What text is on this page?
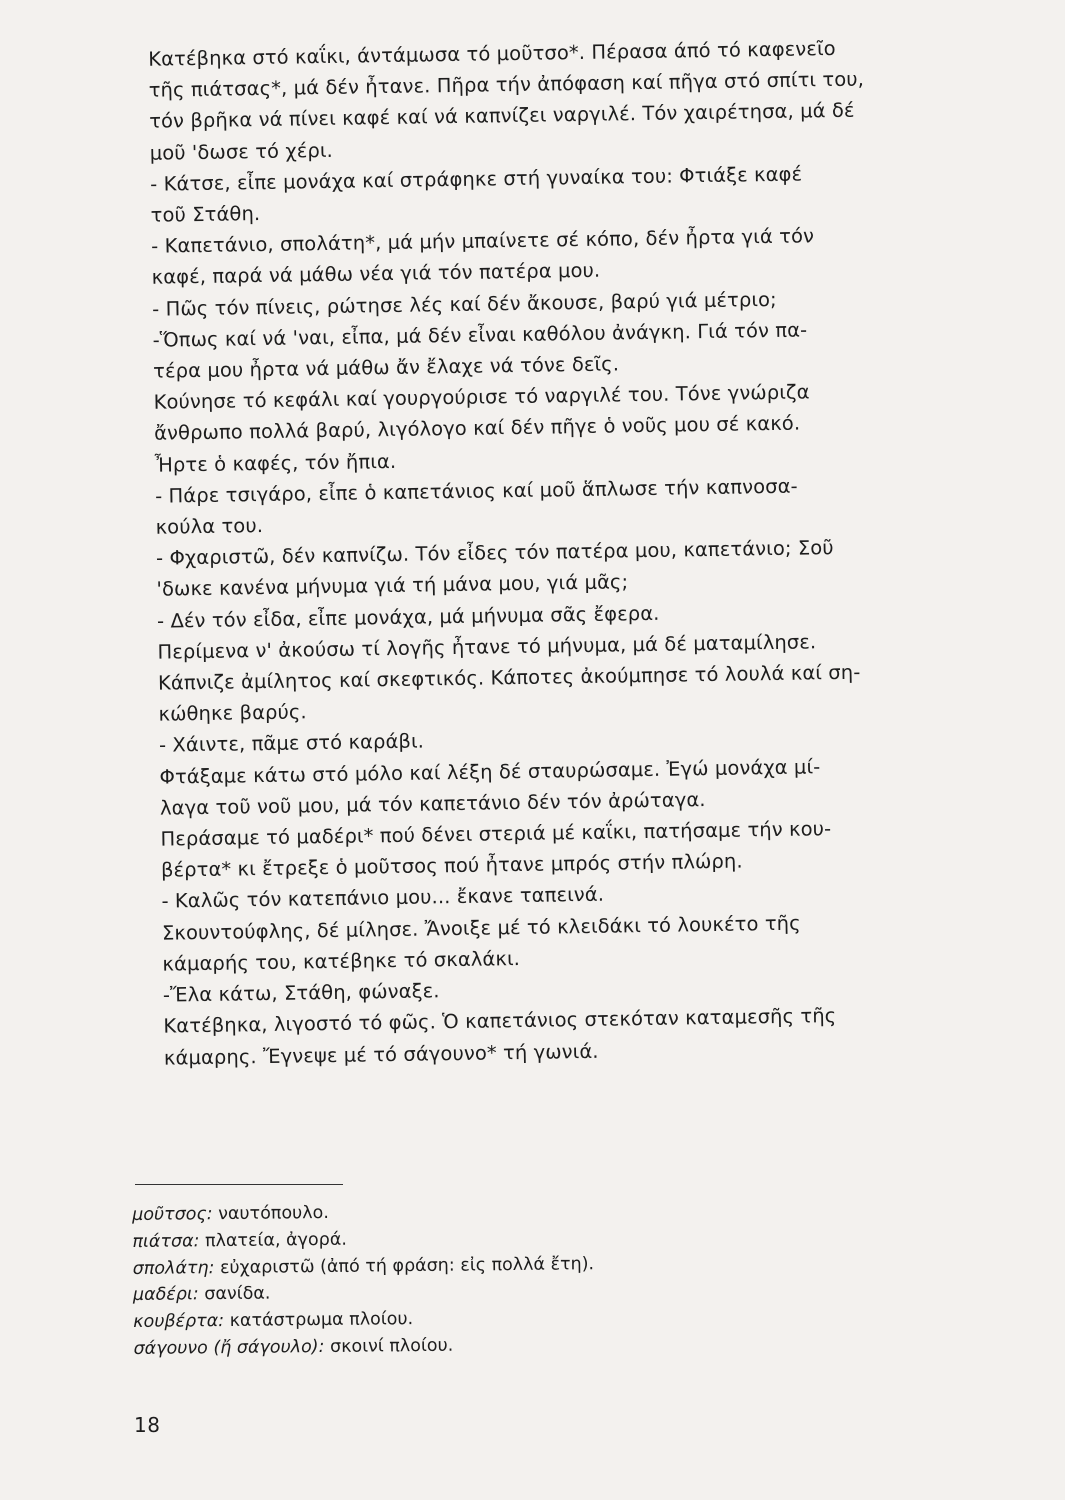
Κατέβηκα στό καΐκι, άντάμωσα τό μοῦτσο*. Πέρασα άπό τό καφενεῖο
τῆς πιάτσας*, μά δέν ἦτανε. Πῆρα τήν ἀπόφαση καί πῆγα στό σπίτι του,
τόν βρῆκα νά πίνει καφέ καί νά καπνίζει ναργιλέ. Τόν χαιρέτησα, μά δέ
μοῦ 'δωσε τό χέρι.

- Κάτσε, εἶπε μονάχα καί στράφηκε στή γυναίκα του: Φτιάξε καφέ
τοῦ Στάθη.

- Καπετάνιο, σπολάτη*, μά μήν μπαίνετε σέ κόπο, δέν ἦρτα γιά τόν
καφέ, παρά νά μάθω νέα γιά τόν πατέρα μου.

- Πῶς τόν πίνεις, ρώτησε λές καί δέν ἄκουσε, βαρύ γιά μέτριο;

-Ὅπως καί νά 'ναι, εἶπα, μά δέν εἶναι καθόλου ἀνάγκη. Γιά τόν πα-
τέρα μου ἦρτα νά μάθω ἄν ἔλαχε νά τόνε δεῖς.

Κούνησε τό κεφάλι καί γουργούρισε τό ναργιλέ του. Τόνε γνώριζα
ἄνθρωπο πολλά βαρύ, λιγόλογο καί δέν πῆγε ὁ νοῦς μου σέ κακό.
Ἦρτε ὁ καφές, τόν ἤπια.

- Πάρε τσιγάρο, εἶπε ὁ καπετάνιος καί μοῦ ἅπλωσε τήν καπνοσα-
κούλα του.

- Φχαριστῶ, δέν καπνίζω. Τόν εἶδες τόν πατέρα μου, καπετάνιο; Σοῦ
'δωκε κανένα μήνυμα γιά τή μάνα μου, γιά μᾶς;

- Δέν τόν εἶδα, εἶπε μονάχα, μά μήνυμα σᾶς ἔφερα.

Περίμενα ν' ἀκούσω τί λογῆς ἦτανε τό μήνυμα, μά δέ ματαμίλησε.
Κάπνιζε ἀμίλητος καί σκεφτικός. Κάποτες ἀκούμπησε τό λουλά καί ση-
κώθηκε βαρύς.

- Χάιντε, πᾶμε στό καράβι.

Φτάξαμε κάτω στό μόλο καί λέξη δέ σταυρώσαμε. Ἐγώ μονάχα μί-
λαγα τοῦ νοῦ μου, μά τόν καπετάνιο δέν τόν ἀρώταγα.

Περάσαμε τό μαδέρι* πού δένει στεριά μέ καΐκι, πατήσαμε τήν κου-
βέρτα* κι ἔτρεξε ὁ μοῦτσος πού ἦτανε μπρός στήν πλώρη.

- Καλῶς τόν κατεπάνιο μου... ἔκανε ταπεινά.

Σκουντούφλης, δέ μίλησε. Ἄνοιξε μέ τό κλειδάκι τό λουκέτο τῆς
κάμαρής του, κατέβηκε τό σκαλάκι.

-Ἔλα κάτω, Στάθη, φώναξε.

Κατέβηκα, λιγοστό τό φῶς. Ὁ καπετάνιος στεκόταν καταμεσῆς τῆς
κάμαρης. Ἔγνεψε μέ τό σάγουνο* τή γωνιά.

μοῦτσος: ναυτόπουλο.
πιάτσα: πλατεία, ἀγορά.
σπολάτη: εὐχαριστῶ (ἀπό τή φράση: εἰς πολλά ἔτη).
μαδέρι: σανίδα.
κουβέρτα: κατάστρωμα πλοίου.
σάγουνο (ἤ σάγουλο): σκοινί πλοίου.
18
